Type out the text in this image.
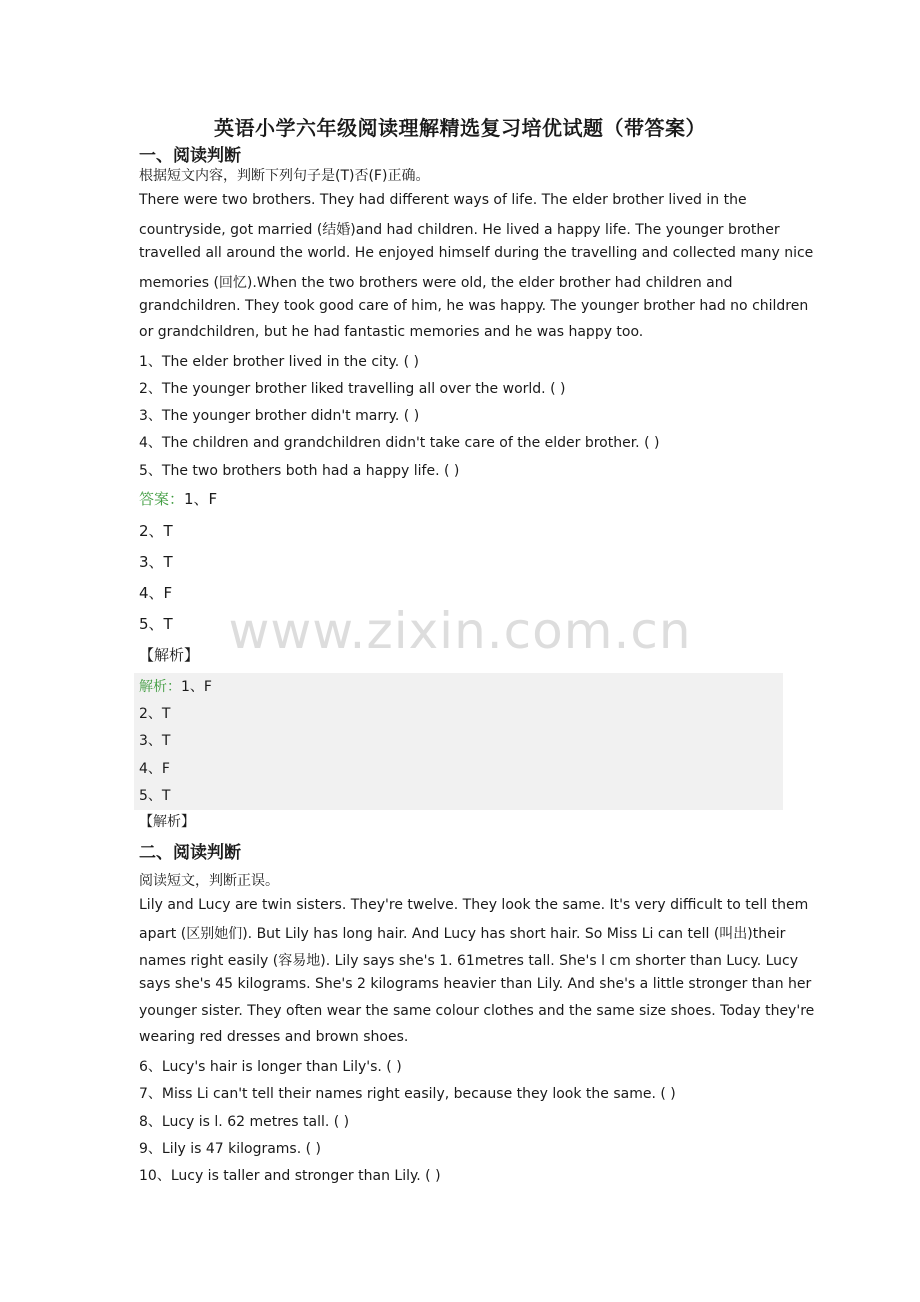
www.zixin.com.cn
英语小学六年级阅读理解精选复习培优试题（带答案）
一、阅读判断
根据短文内容，判断下列句子是(T)否(F)正确。
There were two brothers. They had different ways of life. The elder brother lived in the
countryside, got married (结婚)and had children. He lived a happy life. The younger brother
travelled all around the world. He enjoyed himself during the travelling and collected many nice
memories (回忆).When the two brothers were old, the elder brother had children and
grandchildren. They took good care of him, he was happy. The younger brother had no children
or grandchildren, but he had fantastic memories and he was happy too.
1、The elder brother lived in the city. ( )
2、The younger brother liked travelling all over the world. ( )
3、The younger brother didn't marry. ( )
4、The children and grandchildren didn't take care of the elder brother. ( )
5、The two brothers both had a happy life. ( )
答案：1、F
2、T
3、T
4、F
5、T
【解析】
解析：1、F
2、T
3、T
4、F
5、T
【解析】
二、阅读判断
阅读短文，判断正误。
Lily and Lucy are twin sisters. They're twelve. They look the same. It's very difficult to tell them
apart (区别她们). But Lily has long hair. And Lucy has short hair. So Miss Li can tell (叫出)their
names right easily (容易地). Lily says she's 1. 61metres tall. She's l cm shorter than Lucy. Lucy
says she's 45 kilograms. She's 2 kilograms heavier than Lily. And she's a little stronger than her
younger sister. They often wear the same colour clothes and the same size shoes. Today they're
wearing red dresses and brown shoes.
6、Lucy's hair is longer than Lily's. ( )
7、Miss Li can't tell their names right easily, because they look the same. ( )
8、Lucy is l. 62 metres tall. ( )
9、Lily is 47 kilograms. ( )
10、Lucy is taller and stronger than Lily. ( )
